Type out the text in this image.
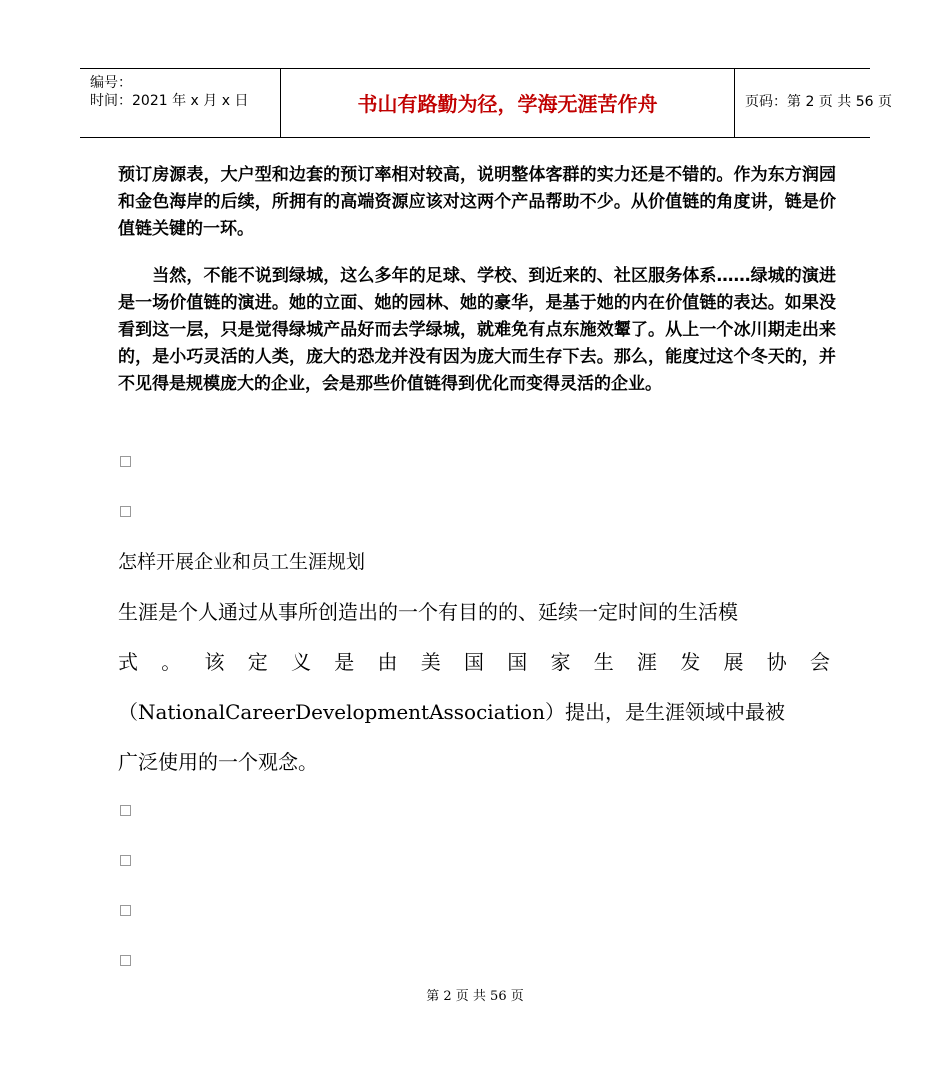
编号：
时间：2021 年 x 月 x 日	书山有路勤为径，学海无涯苦作舟	页码：第 2 页 共 56 页

预订房源表，大户型和边套的预订率相对较高，说明整体客群的实力还是不错的。作为东方润园和金色海岸的后续，所拥有的高端资源应该对这两个产品帮助不少。从价值链的角度讲，链是价值链关键的一环。

　　当然，不能不说到绿城，这么多年的足球、学校、到近来的、社区服务体系……绿城的演进是一场价值链的演进。她的立面、她的园林、她的豪华，是基于她的内在价值链的表达。如果没看到这一层，只是觉得绿城产品好而去学绿城，就难免有点东施效颦了。从上一个冰川期走出来的，是小巧灵活的人类，庞大的恐龙并没有因为庞大而生存下去。那么，能度过这个冬天的，并不见得是规模庞大的企业，会是那些价值链得到优化而变得灵活的企业。

怎样开展企业和员工生涯规划

生涯是个人通过从事所创造出的一个有目的的、延续一定时间的生活模

式 。 该 定 义 是 由 美 国 国 家 生 涯 发 展 协 会

（NationalCareerDevelopmentAssociation）提出，是生涯领域中最被

广泛使用的一个观念。

第 2 页 共 56 页
